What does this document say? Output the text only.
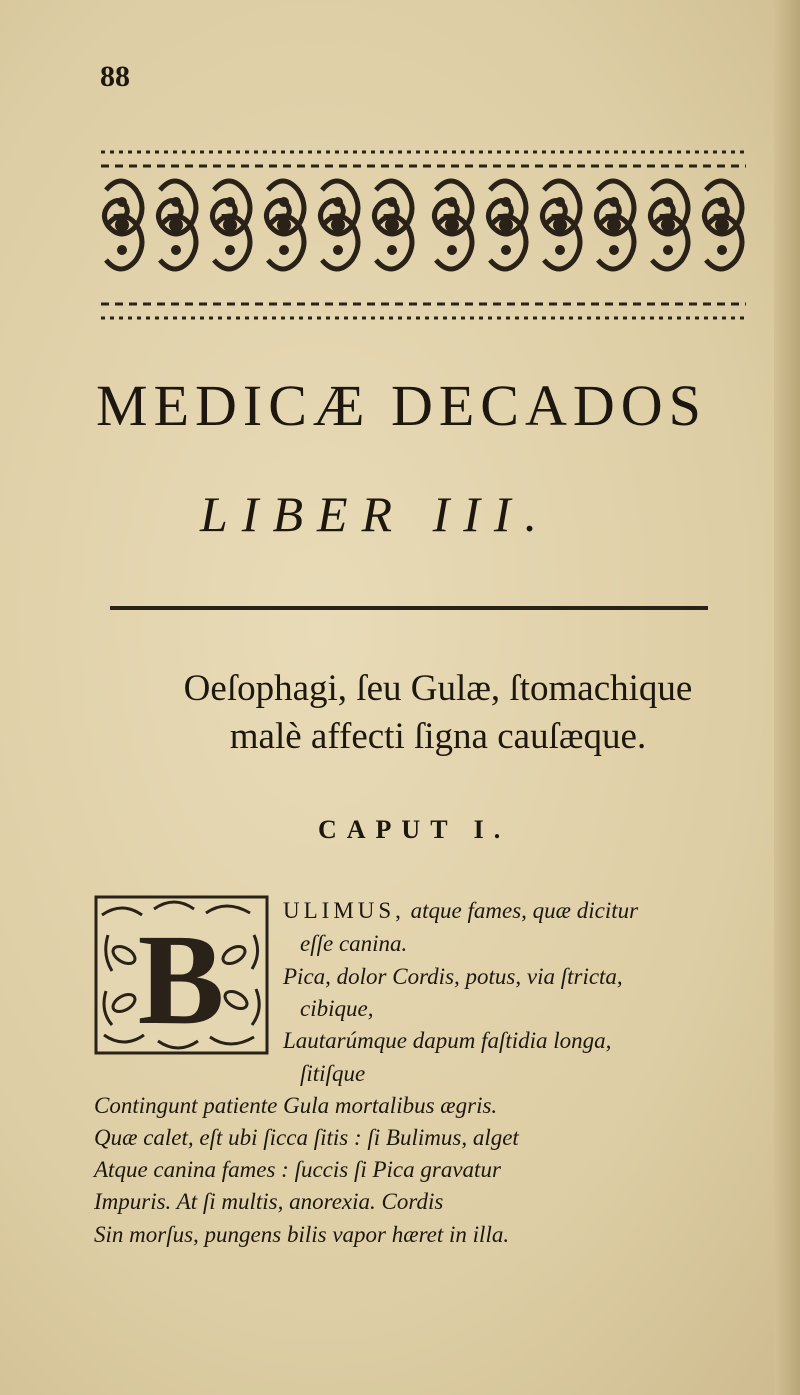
88
MEDICÆ DECADOS
LIBER III.
Oeſophagi, ſeu Gulæ, ſtomachique
malè affecti ſigna cauſæque.
CAPUT I.
B	ULIMUS, atque fames, quæ dicitur
eſſe canina.
Pica, dolor Cordis, potus, via ſtricta,
cibique,
Lautarúmque dapum faſtidia longa,
ſitiſque
Contingunt patiente Gula mortalibus ægris.
Quæ calet, eſt ubi ſicca ſitis : ſi Bulimus, alget
Atque canina fames : ſuccis ſi Pica gravatur
Impuris. At ſi multis, anorexia. Cordis
Sin morſus, pungens bilis vapor hæret in illa.
